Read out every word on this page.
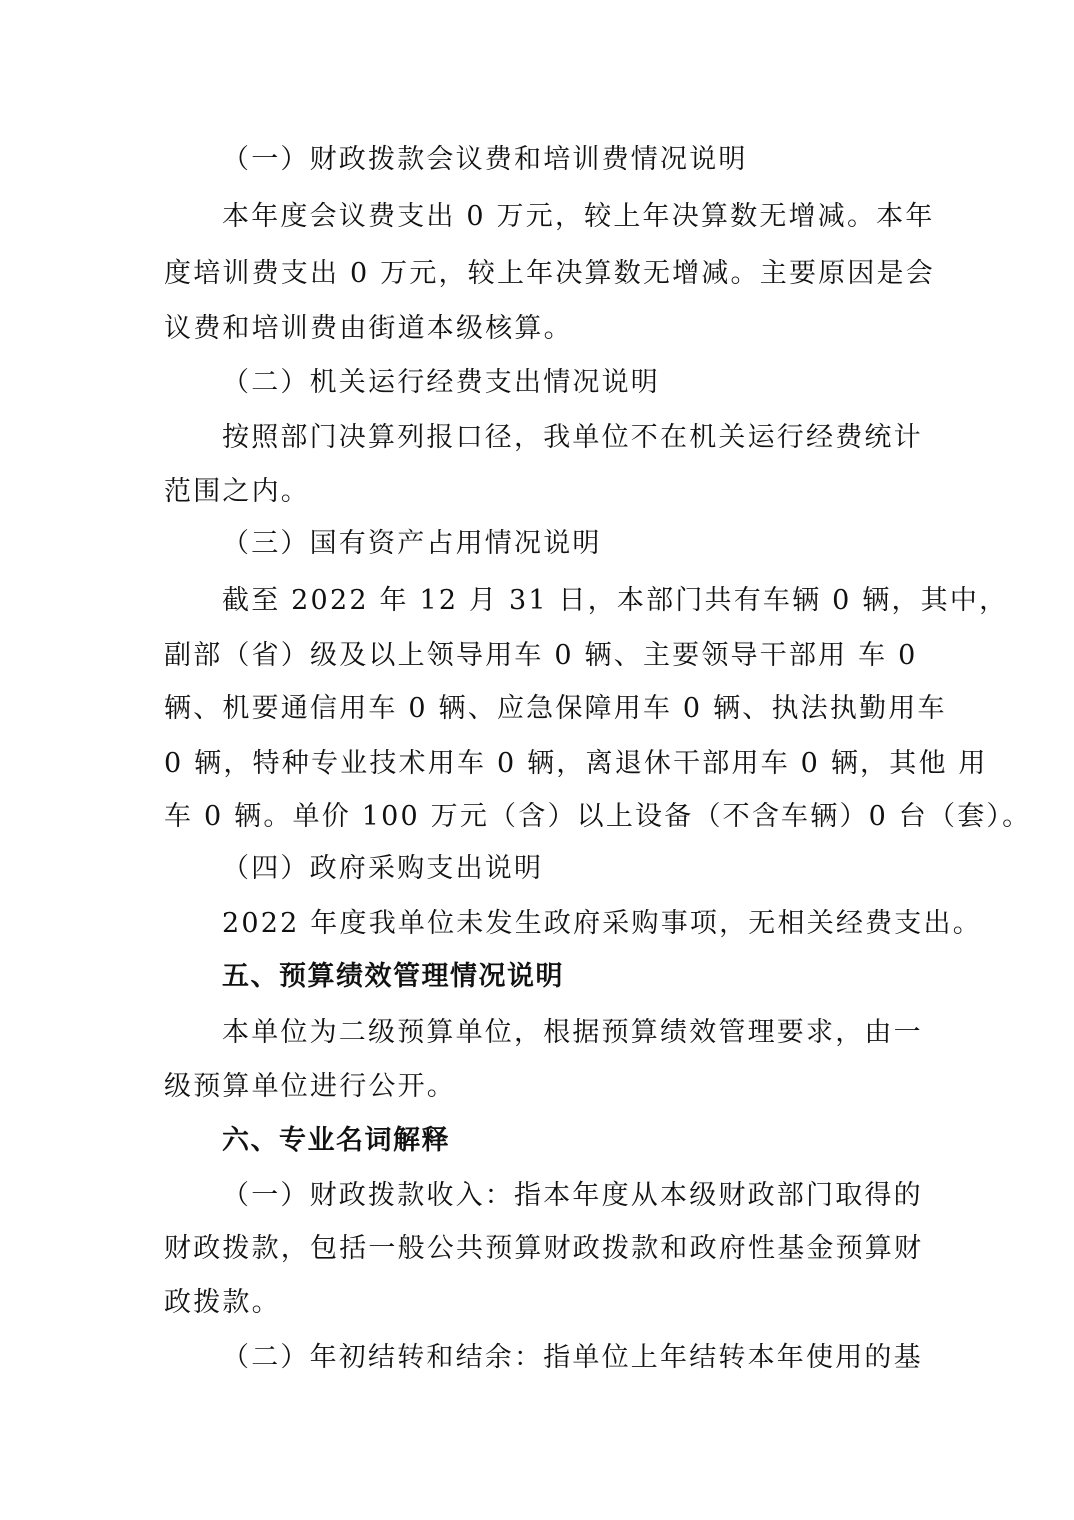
（一）财政拨款会议费和培训费情况说明
本年度会议费支出 0 万元，较上年决算数无增减。本年
度培训费支出 0 万元，较上年决算数无增减。主要原因是会
议费和培训费由街道本级核算。
（二）机关运行经费支出情况说明
按照部门决算列报口径，我单位不在机关运行经费统计
范围之内。
（三）国有资产占用情况说明
截至 2022 年 12 月 31 日，本部门共有车辆 0 辆，其中，
副部（省）级及以上领导用车 0 辆、主要领导干部用 车 0
辆、机要通信用车 0 辆、应急保障用车 0 辆、执法执勤用车
0 辆，特种专业技术用车 0 辆，离退休干部用车 0 辆，其他 用
车 0 辆。单价 100 万元（含）以上设备（不含车辆）0 台（套）。
（四）政府采购支出说明
2022 年度我单位未发生政府采购事项，无相关经费支出。
五、预算绩效管理情况说明
本单位为二级预算单位，根据预算绩效管理要求，由一
级预算单位进行公开。
六、专业名词解释
（一）财政拨款收入：指本年度从本级财政部门取得的
财政拨款，包括一般公共预算财政拨款和政府性基金预算财
政拨款。
（二）年初结转和结余：指单位上年结转本年使用的基
